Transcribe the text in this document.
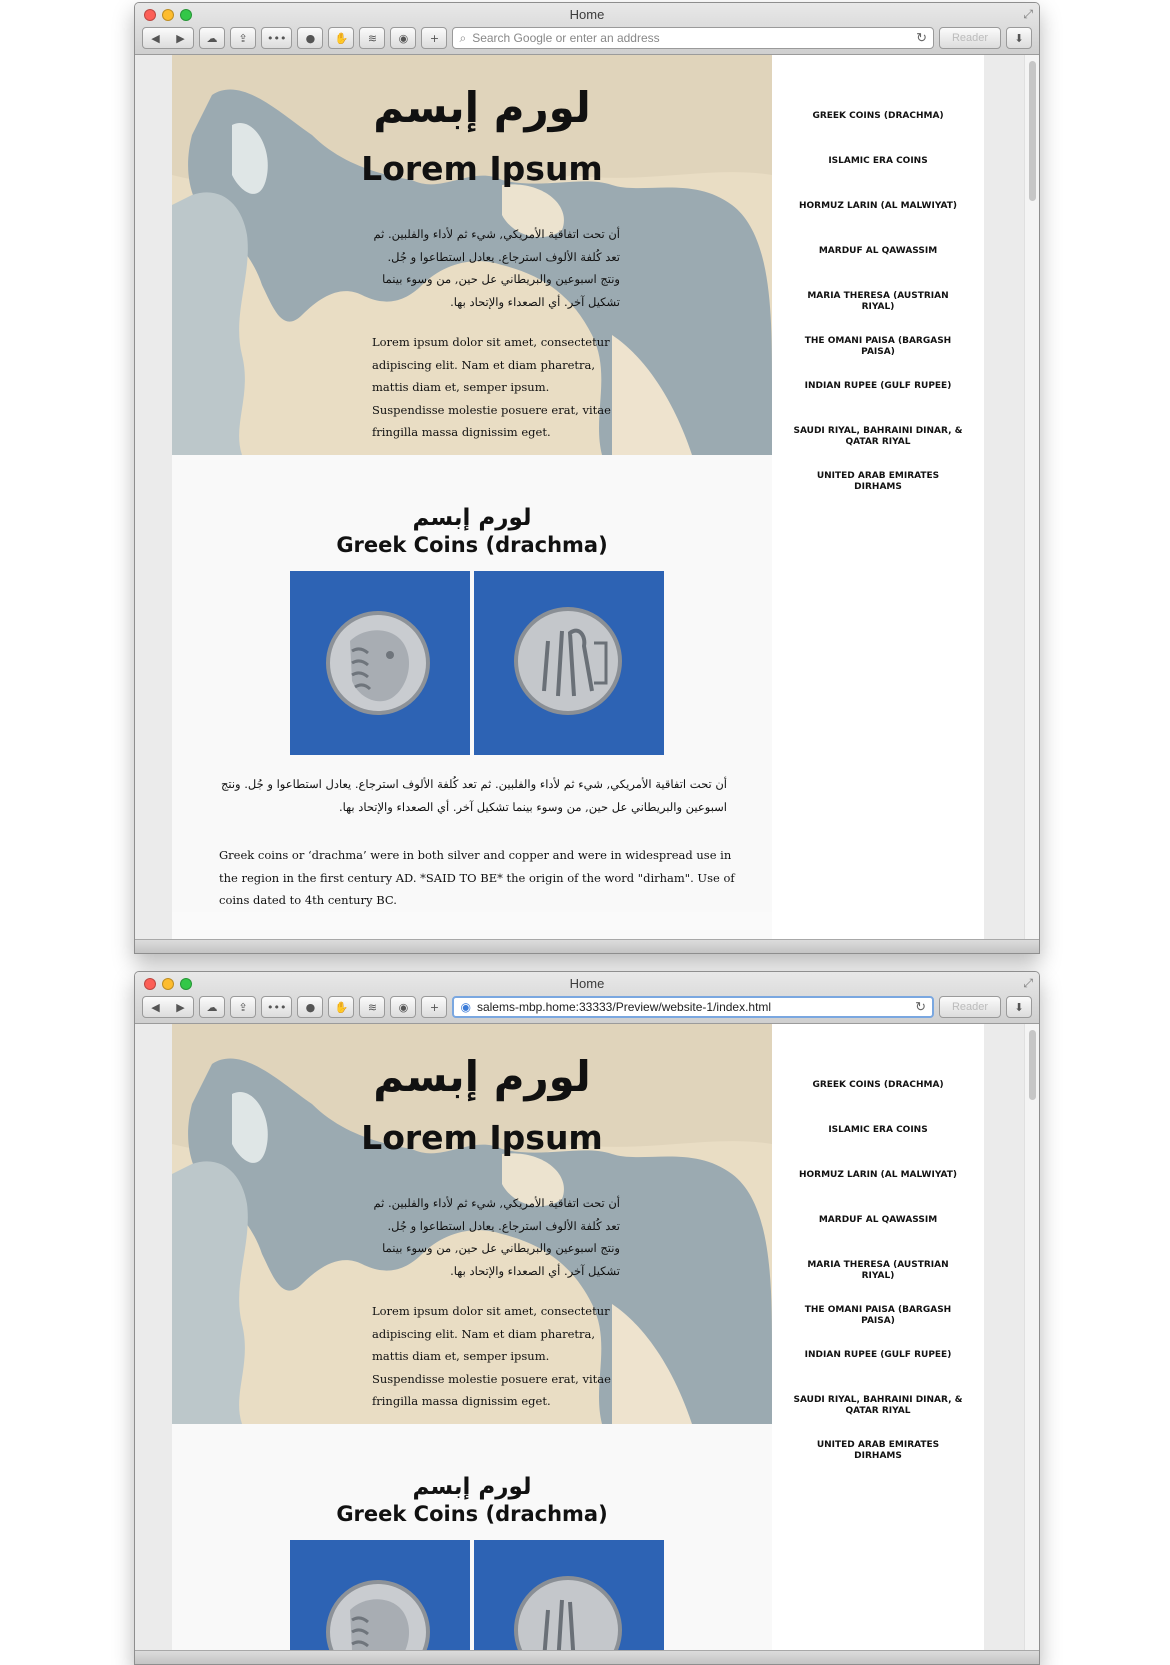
Home	⤢
◀ ▶ ☁ ⇪ ••• ● ✋ ≋ ◉ + ⌕ Search Google or enter an address	↻	Reader	⬇
لورم إبسم
Lorem Ipsum
أن تحت اتفاقية الأمريكي, شيء ثم لأداء والفلبين. ثم تعد كُلفة الألوف استرجاع. يعادل استطاعوا و جُل. ونتج اسبوعين والبريطاني عل حين, من وسوء بينما تشكيل آخر. أي الصعداء والإتحاد بها.
Lorem ipsum dolor sit amet, consectetur adipiscing elit. Nam et diam pharetra, mattis diam et, semper ipsum. Suspendisse molestie posuere erat, vitae fringilla massa dignissim eget.
لورم إبسم
Greek Coins (drachma)
أن تحت اتفاقية الأمريكي, شيء ثم لأداء والفلبين. ثم تعد كُلفة الألوف استرجاع. يعادل استطاعوا و جُل. ونتج اسبوعين والبريطاني عل حين, من وسوء بينما تشكيل آخر. أي الصعداء والإتحاد بها.
Greek coins or ‘drachma’ were in both silver and copper and were in widespread use in the region in the first century AD. *SAID TO BE* the origin of the word "dirham". Use of coins dated to 4th century BC.
GREEK COINS (DRACHMA)
ISLAMIC ERA COINS
HORMUZ LARIN (AL MALWIYAT)
MARDUF AL QAWASSIM
MARIA THERESA (AUSTRIAN RIYAL)
THE OMANI PAISA (BARGASH PAISA)
INDIAN RUPEE (GULF RUPEE)
SAUDI RIYAL, BAHRAINI DINAR, & QATAR RIYAL
UNITED ARAB EMIRATES DIRHAMS
Home	⤢
◀ ▶ ☁ ⇪ ••• ● ✋ ≋ ◉ + ◉ salems-mbp.home:33333/Preview/website-1/index.html	↻	Reader	⬇
لورم إبسم
Lorem Ipsum
أن تحت اتفاقية الأمريكي, شيء ثم لأداء والفلبين. ثم تعد كُلفة الألوف استرجاع. يعادل استطاعوا و جُل. ونتج اسبوعين والبريطاني عل حين, من وسوء بينما تشكيل آخر. أي الصعداء والإتحاد بها.
Lorem ipsum dolor sit amet, consectetur adipiscing elit. Nam et diam pharetra, mattis diam et, semper ipsum. Suspendisse molestie posuere erat, vitae fringilla massa dignissim eget.
لورم إبسم
Greek Coins (drachma)
GREEK COINS (DRACHMA)
ISLAMIC ERA COINS
HORMUZ LARIN (AL MALWIYAT)
MARDUF AL QAWASSIM
MARIA THERESA (AUSTRIAN RIYAL)
THE OMANI PAISA (BARGASH PAISA)
INDIAN RUPEE (GULF RUPEE)
SAUDI RIYAL, BAHRAINI DINAR, & QATAR RIYAL
UNITED ARAB EMIRATES DIRHAMS
